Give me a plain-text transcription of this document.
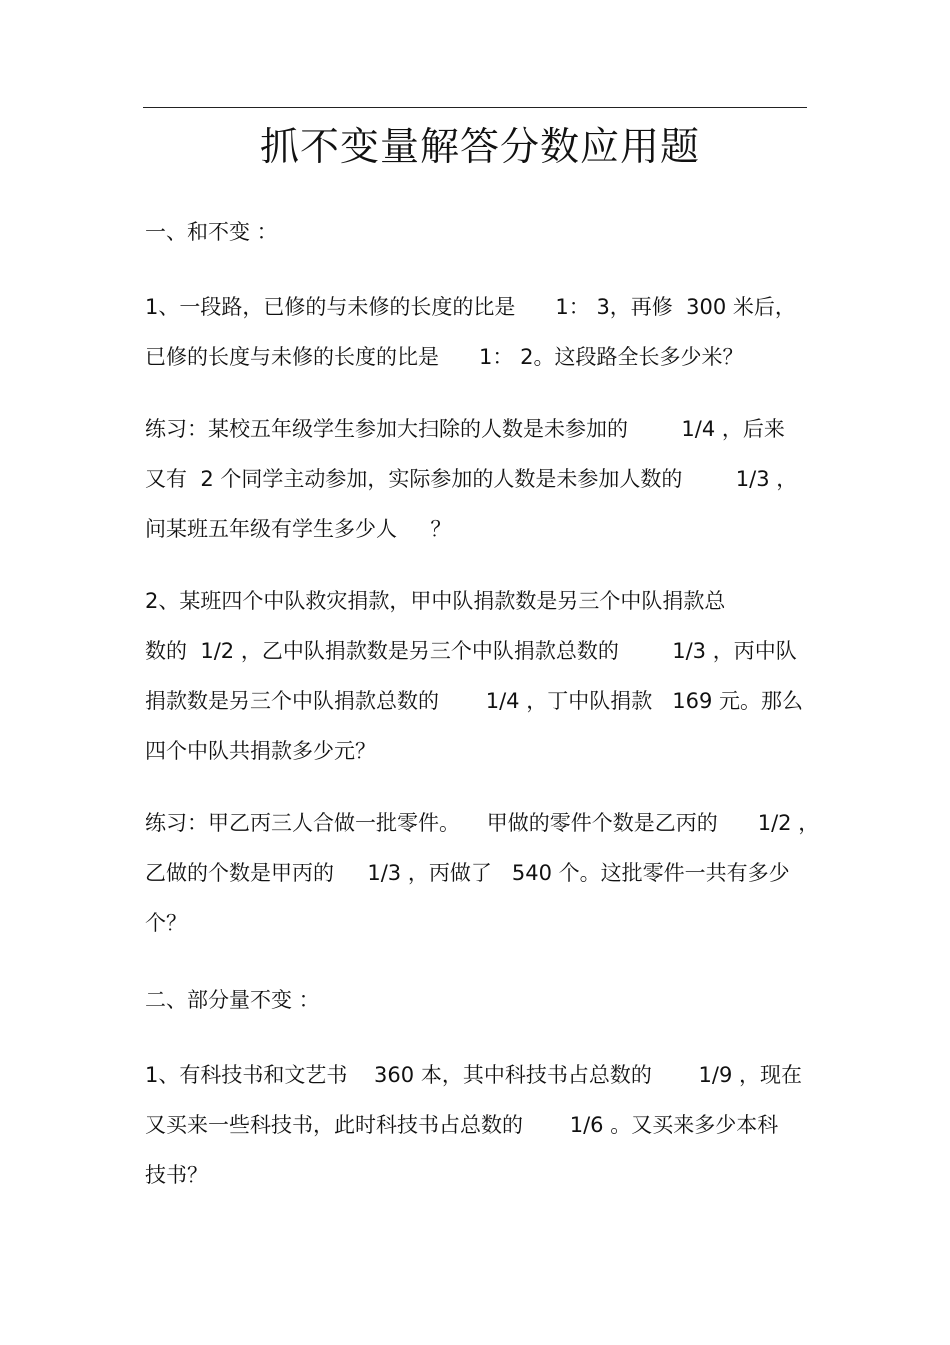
抓不变量解答分数应用题
一、和不变 ：
1、一段路，已修的与未修的长度的比是      1： 3，再修  300 米后，
已修的长度与未修的长度的比是      1： 2。这段路全长多少米？
练习：某校五年级学生参加大扫除的人数是未参加的        1/4 ，后来
又有  2 个同学主动参加，实际参加的人数是未参加人数的        1/3 ，
问某班五年级有学生多少人     ？
2、某班四个中队救灾捐款，甲中队捐款数是另三个中队捐款总
数的  1/2 ，乙中队捐款数是另三个中队捐款总数的        1/3 ，丙中队
捐款数是另三个中队捐款总数的       1/4 ，丁中队捐款   169 元。那么
四个中队共捐款多少元？
练习：甲乙丙三人合做一批零件。    甲做的零件个数是乙丙的      1/2 ，
乙做的个数是甲丙的     1/3 ，丙做了   540 个。这批零件一共有多少
个？
二、部分量不变 ：
1、有科技书和文艺书    360 本，其中科技书占总数的       1/9 ，现在
又买来一些科技书，此时科技书占总数的       1/6 。又买来多少本科
技书？
